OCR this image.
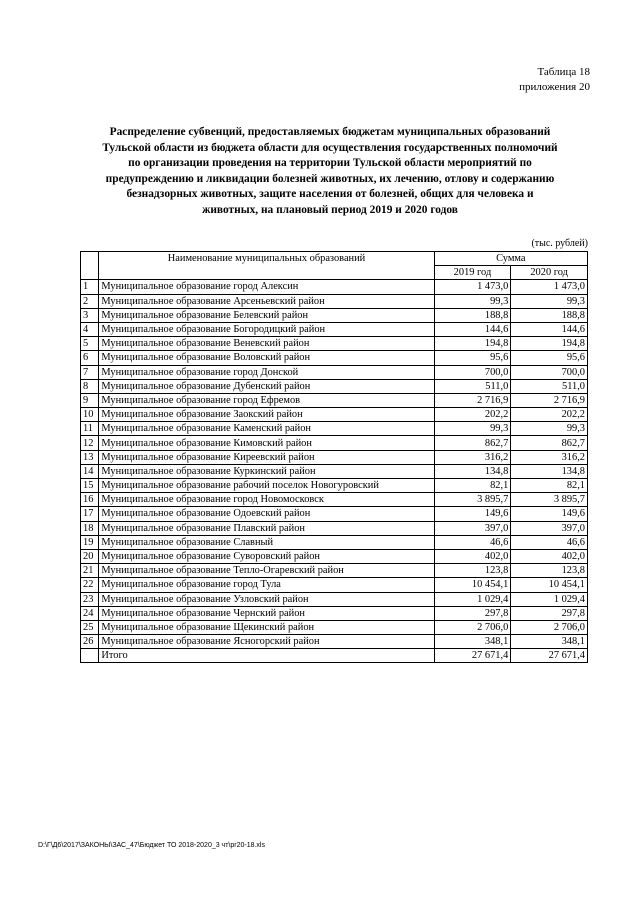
Таблица 18
приложения 20
Распределение субвенций, предоставляемых бюджетам муниципальных образований
Тульской области из бюджета области для осуществления государственных полномочий
по организации проведения на территории Тульской области мероприятий по
предупреждению и ликвидации болезней животных, их лечению, отлову и содержанию
безнадзорных животных, защите населения от болезней, общих для человека и
животных, на плановый период 2019 и 2020 годов
(тыс. рублей)
	Наименование муниципальных образований	Сумма	
		2019 год	2020 год
1	Муниципальное образование город Алексин	1 473,0	1 473,0
2	Муниципальное образование Арсеньевский район	99,3	99,3
3	Муниципальное образование Белевский район	188,8	188,8
4	Муниципальное образование Богородицкий район	144,6	144,6
5	Муниципальное образование Веневский район	194,8	194,8
6	Муниципальное образование Воловский район	95,6	95,6
7	Муниципальное образование город Донской	700,0	700,0
8	Муниципальное образование Дубенский район	511,0	511,0
9	Муниципальное образование город Ефремов	2 716,9	2 716,9
10	Муниципальное образование Заокский район	202,2	202,2
11	Муниципальное образование Каменский район	99,3	99,3
12	Муниципальное образование Кимовский район	862,7	862,7
13	Муниципальное образование Киреевский район	316,2	316,2
14	Муниципальное образование Куркинский район	134,8	134,8
15	Муниципальное образование рабочий поселок Новогуровский	82,1	82,1
16	Муниципальное образование город Новомосковск	3 895,7	3 895,7
17	Муниципальное образование Одоевский район	149,6	149,6
18	Муниципальное образование Плавский район	397,0	397,0
19	Муниципальное образование Славный	46,6	46,6
20	Муниципальное образование Суворовский район	402,0	402,0
21	Муниципальное образование Тепло-Огаревский район	123,8	123,8
22	Муниципальное образование город Тула	10 454,1	10 454,1
23	Муниципальное образование Узловский район	1 029,4	1 029,4
24	Муниципальное образование Чернский район	297,8	297,8
25	Муниципальное образование Щекинский район	2 706,0	2 706,0
26	Муниципальное образование Ясногорский район	348,1	348,1
	Итого	27 671,4	27 671,4
D:\Г\Д6\2017\ЗАКОНЫ\ЗАС_47\Бюджет ТО 2018-2020_3 чт\pr20-18.xls
